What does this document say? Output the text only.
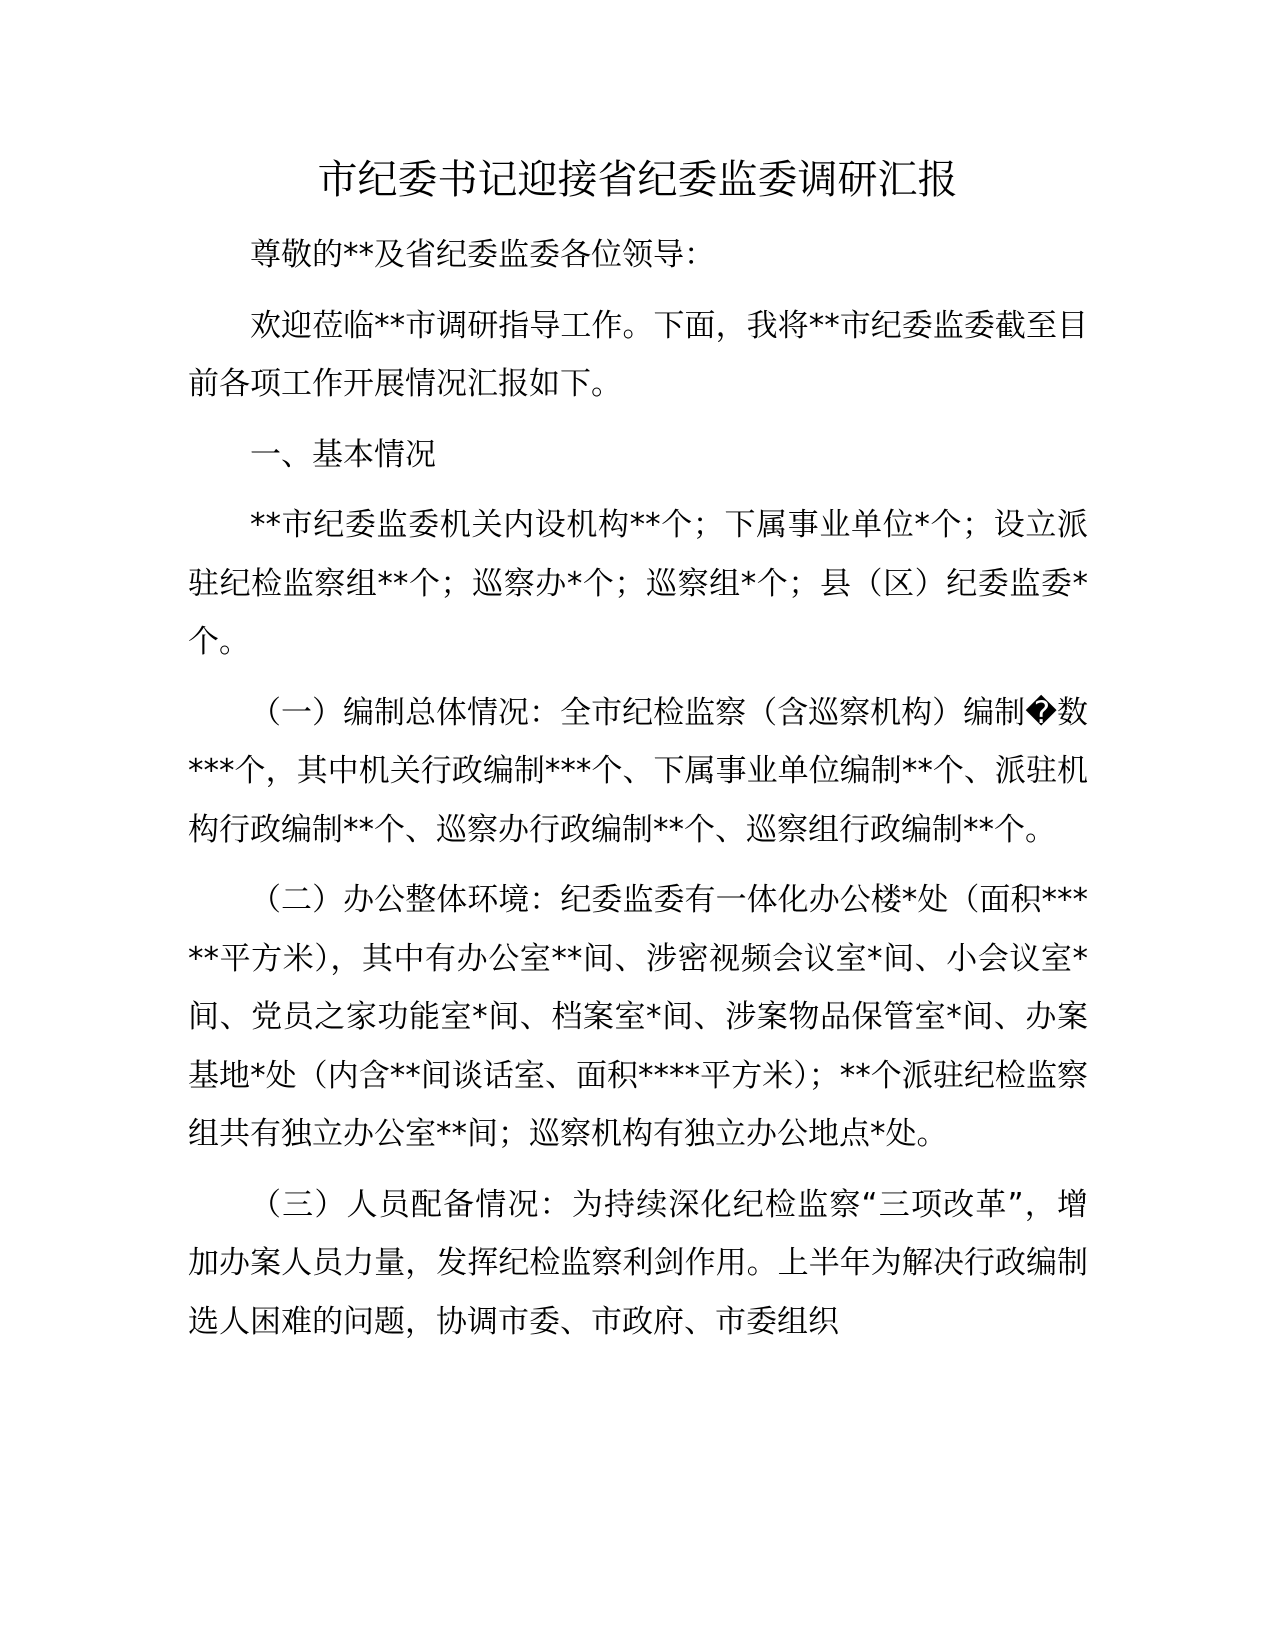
市纪委书记迎接省纪委监委调研汇报

尊敬的**及省纪委监委各位领导：

欢迎莅临**市调研指导工作。下面，我将**市纪委监委截至目前各项工作开展情况汇报如下。

一、基本情况

**市纪委监委机关内设机构**个；下属事业单位*个；设立派驻纪检监察组**个；巡察办*个；巡察组*个；县（区）纪委监委*个。

（一）编制总体情况：全市纪检监察（含巡察机构）编制�数***个，其中机关行政编制***个、下属事业单位编制**个、派驻机构行政编制**个、巡察办行政编制**个、巡察组行政编制**个。

（二）办公整体环境：纪委监委有一体化办公楼*处（面积*****平方米），其中有办公室**间、涉密视频会议室*间、小会议室*间、党员之家功能室*间、档案室*间、涉案物品保管室*间、办案基地*处（内含**间谈话室、面积****平方米）；**个派驻纪检监察组共有独立办公室**间；巡察机构有独立办公地点*处。

（三）人员配备情况：为持续深化纪检监察“三项改革”，增加办案人员力量，发挥纪检监察利剑作用。上半年为解决行政编制选人困难的问题，协调市委、市政府、市委组织
